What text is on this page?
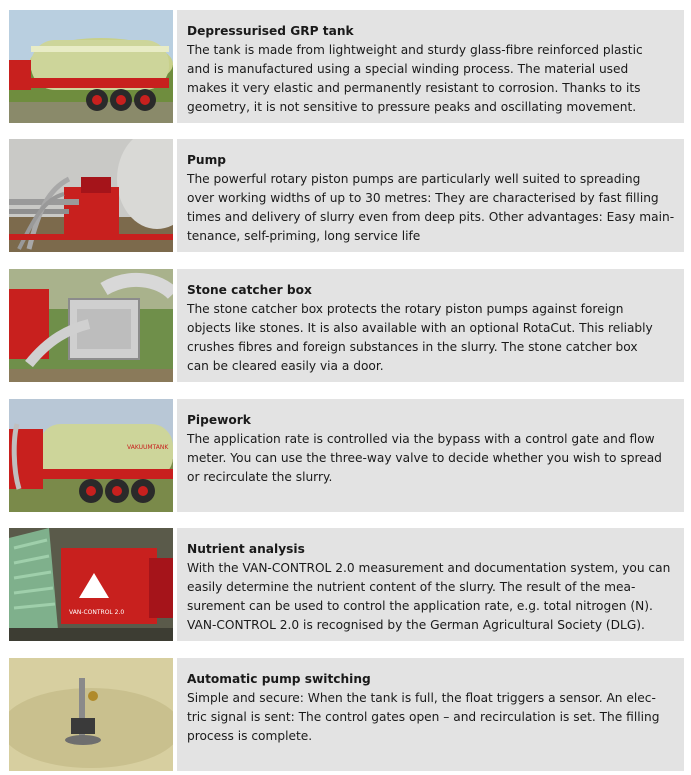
Depressurised GRP tank
The tank is made from lightweight and sturdy glass-fibre reinforced plastic
and is manufactured using a special winding process. The material used
makes it very elastic and permanently resistant to corrosion. Thanks to its
geometry, it is not sensitive to pressure peaks and oscillating movement.
Pump
The powerful rotary piston pumps are particularly well suited to spreading
over working widths of up to 30 metres: They are characterised by fast filling
times and delivery of slurry even from deep pits. Other advantages: Easy main-
tenance, self-priming, long service life
Stone catcher box
The stone catcher box protects the rotary piston pumps against foreign
objects like stones. It is also available with an optional RotaCut. This reliably
crushes fibres and foreign substances in the slurry. The stone catcher box
can be cleared easily via a door.
VAKUUMTANK
Pipework
The application rate is controlled via the bypass with a control gate and flow
meter. You can use the three-way valve to decide whether you wish to spread
or recirculate the slurry.
VAN-CONTROL 2.0
Nutrient analysis
With the VAN-CONTROL 2.0 measurement and documentation system, you can
easily determine the nutrient content of the slurry. The result of the mea-
surement can be used to control the application rate, e.g. total nitrogen (N).
VAN-CONTROL 2.0 is recognised by the German Agricultural Society (DLG).
Automatic pump switching
Simple and secure: When the tank is full, the float triggers a sensor. An elec-
tric signal is sent: The control gates open – and recirculation is set. The filling
process is complete.
